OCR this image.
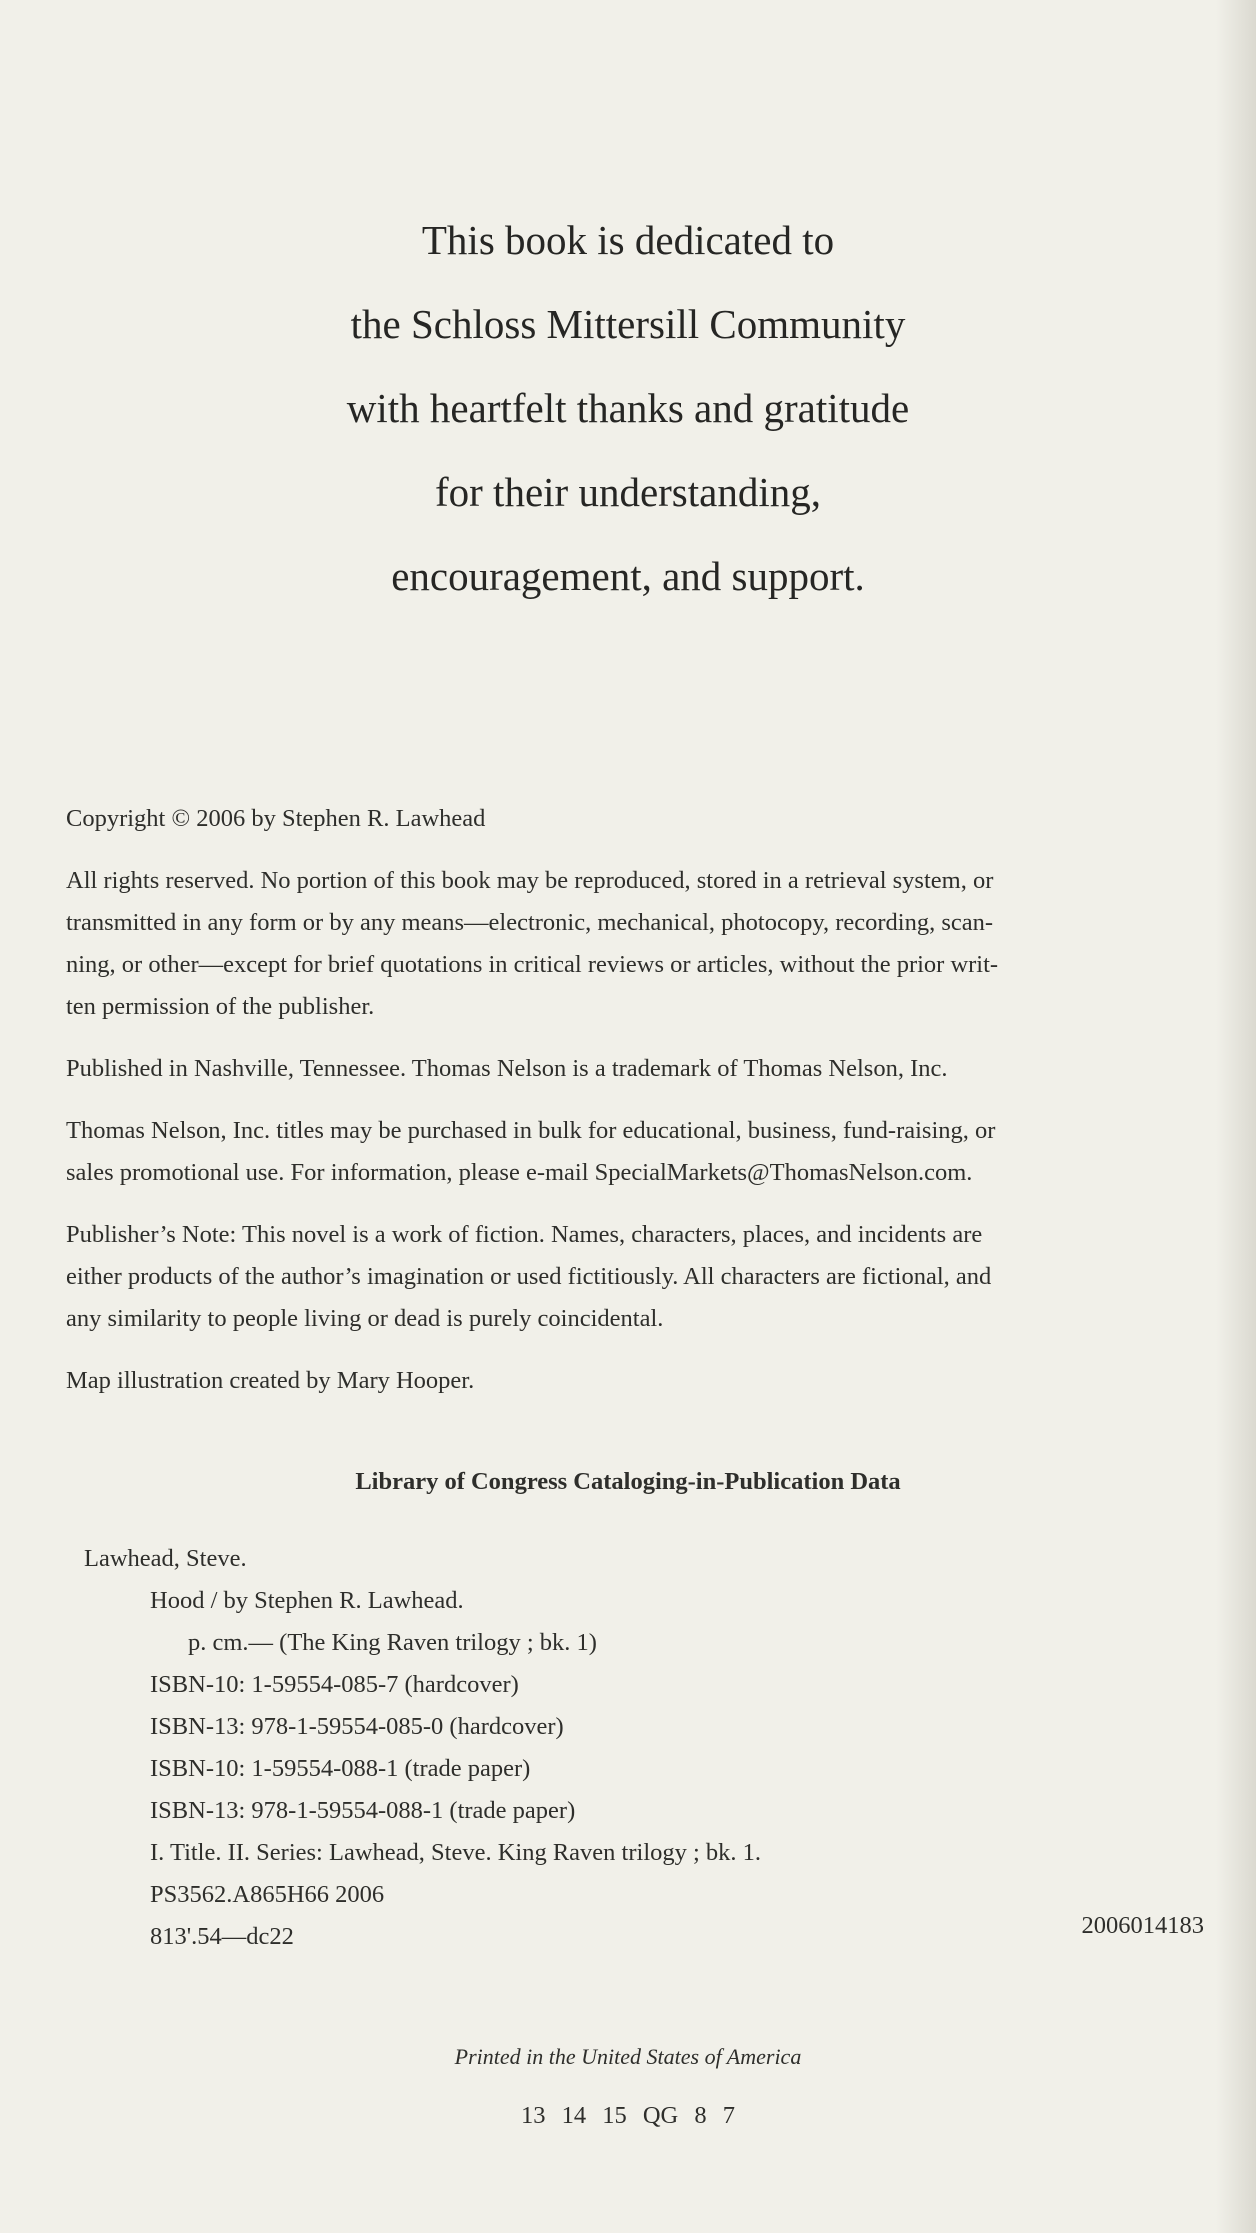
This book is dedicated to
the Schloss Mittersill Community
with heartfelt thanks and gratitude
for their understanding,
encouragement, and support.

Copyright © 2006 by Stephen R. Lawhead

All rights reserved. No portion of this book may be reproduced, stored in a retrieval system, or
transmitted in any form or by any means—electronic, mechanical, photocopy, recording, scan-
ning, or other—except for brief quotations in critical reviews or articles, without the prior writ-
ten permission of the publisher.

Published in Nashville, Tennessee. Thomas Nelson is a trademark of Thomas Nelson, Inc.

Thomas Nelson, Inc. titles may be purchased in bulk for educational, business, fund-raising, or
sales promotional use. For information, please e-mail SpecialMarkets@ThomasNelson.com.

Publisher’s Note: This novel is a work of fiction. Names, characters, places, and incidents are
either products of the author’s imagination or used fictitiously. All characters are fictional, and
any similarity to people living or dead is purely coincidental.

Map illustration created by Mary Hooper.

Library of Congress Cataloging-in-Publication Data
Lawhead, Steve.
Hood / by Stephen R. Lawhead.
p. cm.— (The King Raven trilogy ; bk. 1)
ISBN-10: 1-59554-085-7 (hardcover)
ISBN-13: 978-1-59554-085-0 (hardcover)
ISBN-10: 1-59554-088-1 (trade paper)
ISBN-13: 978-1-59554-088-1 (trade paper)
I. Title. II. Series: Lawhead, Steve. King Raven trilogy ; bk. 1.
PS3562.A865H66 2006
813'.54—dc22	2006014183
Printed in the United States of America
13 14 15 QG 8 7
